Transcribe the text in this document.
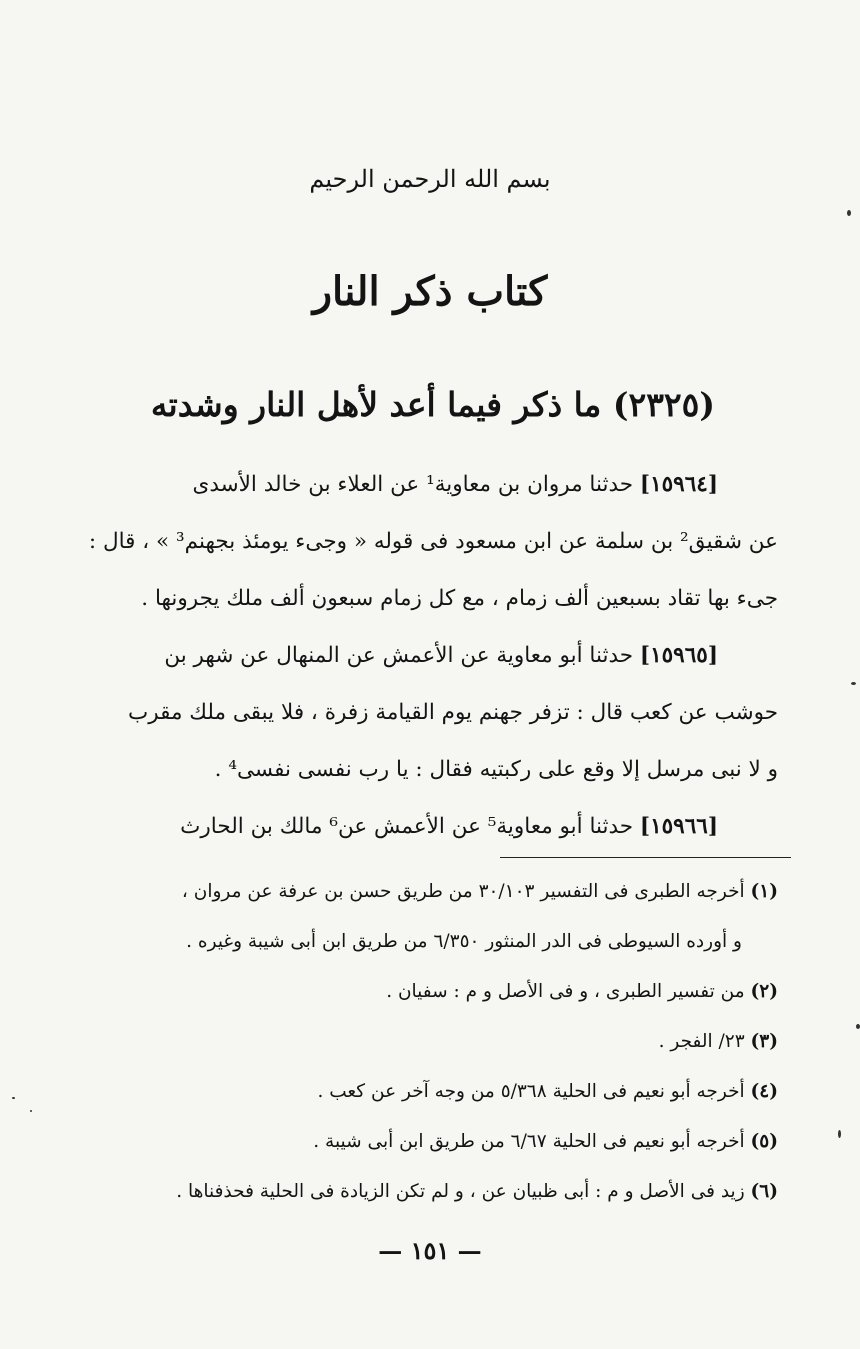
بسم الله الرحمن الرحيم
كتاب ذكر النار
(٢٣٢٥) ما ذكر فيما أعد لأهل النار وشدته
[١٥٩٦٤] حدثنا مروان بن معاوية¹ عن العلاء بن خالد الأسدى
عن شقيق² بن سلمة عن ابن مسعود فى قوله « وجىء يومئذ بجهنم³ » ، قال :
جىء بها تقاد بسبعين ألف زمام ، مع كل زمام سبعون ألف ملك يجرونها .
[١٥٩٦٥] حدثنا أبو معاوية عن الأعمش عن المنهال عن شهر بن
حوشب عن كعب قال : تزفر جهنم يوم القيامة زفرة ، فلا يبقى ملك مقرب
و لا نبى مرسل إلا وقع على ركبتيه فقال : يا رب نفسى نفسى⁴ .
[١٥٩٦٦] حدثنا أبو معاوية⁵ عن الأعمش عن⁶ مالك بن الحارث
(١) أخرجه الطبرى فى التفسير ٣٠/١٠٣ من طريق حسن بن عرفة عن مروان ،
و أورده السيوطى فى الدر المنثور ٦/٣٥٠ من طريق ابن أبى شيبة وغيره .
(٢) من تفسير الطبرى ، و فى الأصل و م : سفيان .
(٣) ٢٣/ الفجر .
(٤) أخرجه أبو نعيم فى الحلية ٥/٣٦٨ من وجه آخر عن كعب .
(٥) أخرجه أبو نعيم فى الحلية ٦/٦٧ من طريق ابن أبى شيبة .
(٦) زيد فى الأصل و م : أبى ظبيان عن ، و لم تكن الزيادة فى الحلية فحذفناها .
— ١٥١ —
